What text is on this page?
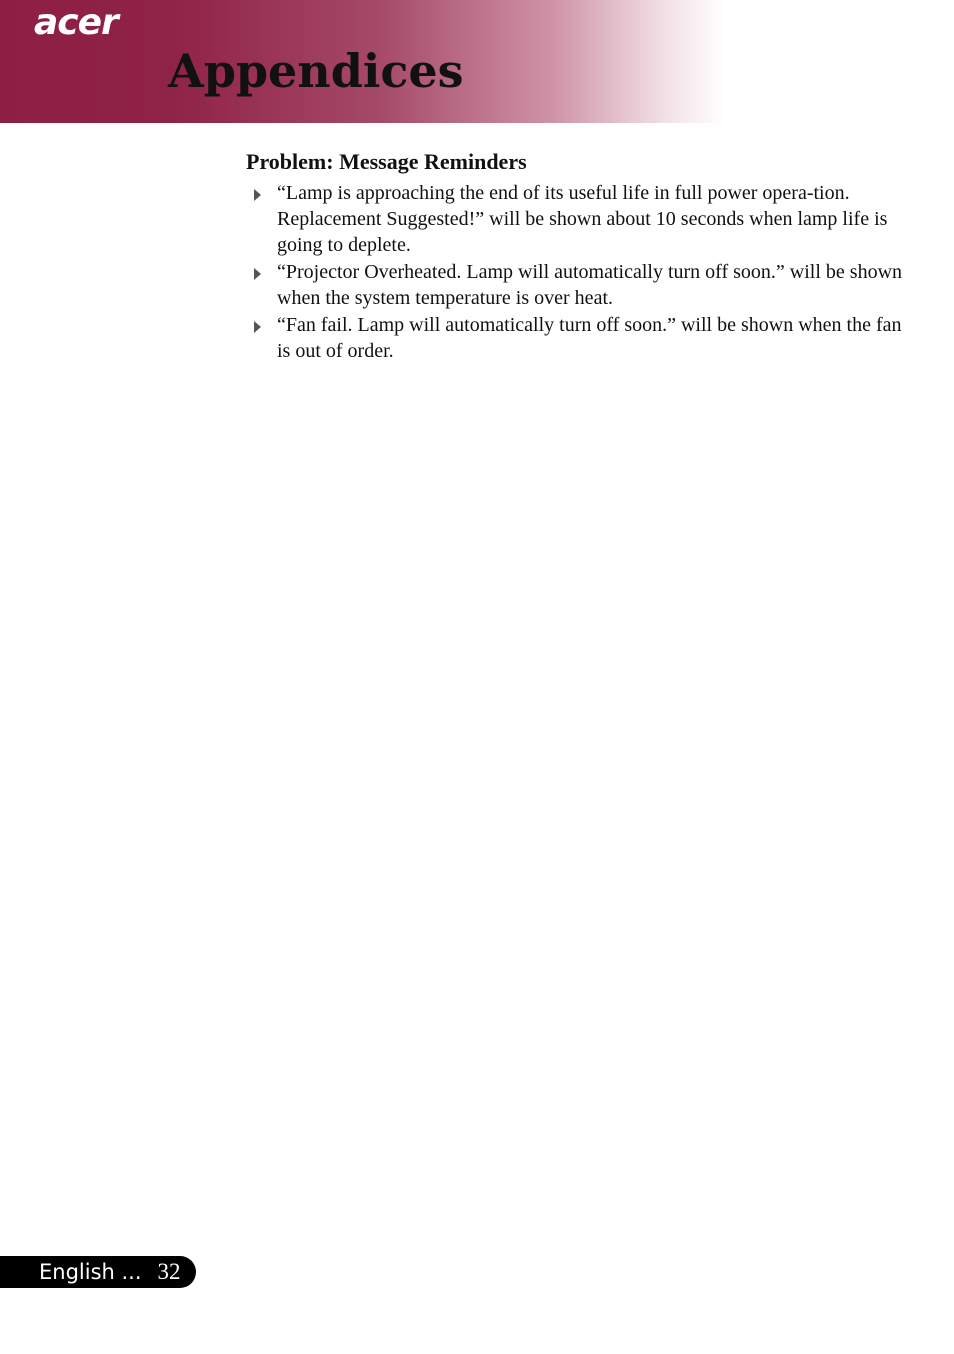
acer
Appendices
Problem: Message Reminders
“Lamp is approaching the end of its useful life in full power opera-tion. Replacement Suggested!” will be shown about 10 seconds when lamp life is going to deplete.
“Projector Overheated. Lamp will automatically turn off soon.” will be shown when the system temperature is over heat.
“Fan fail. Lamp will automatically turn off soon.” will be shown when the fan is out of order.
English ... 32
